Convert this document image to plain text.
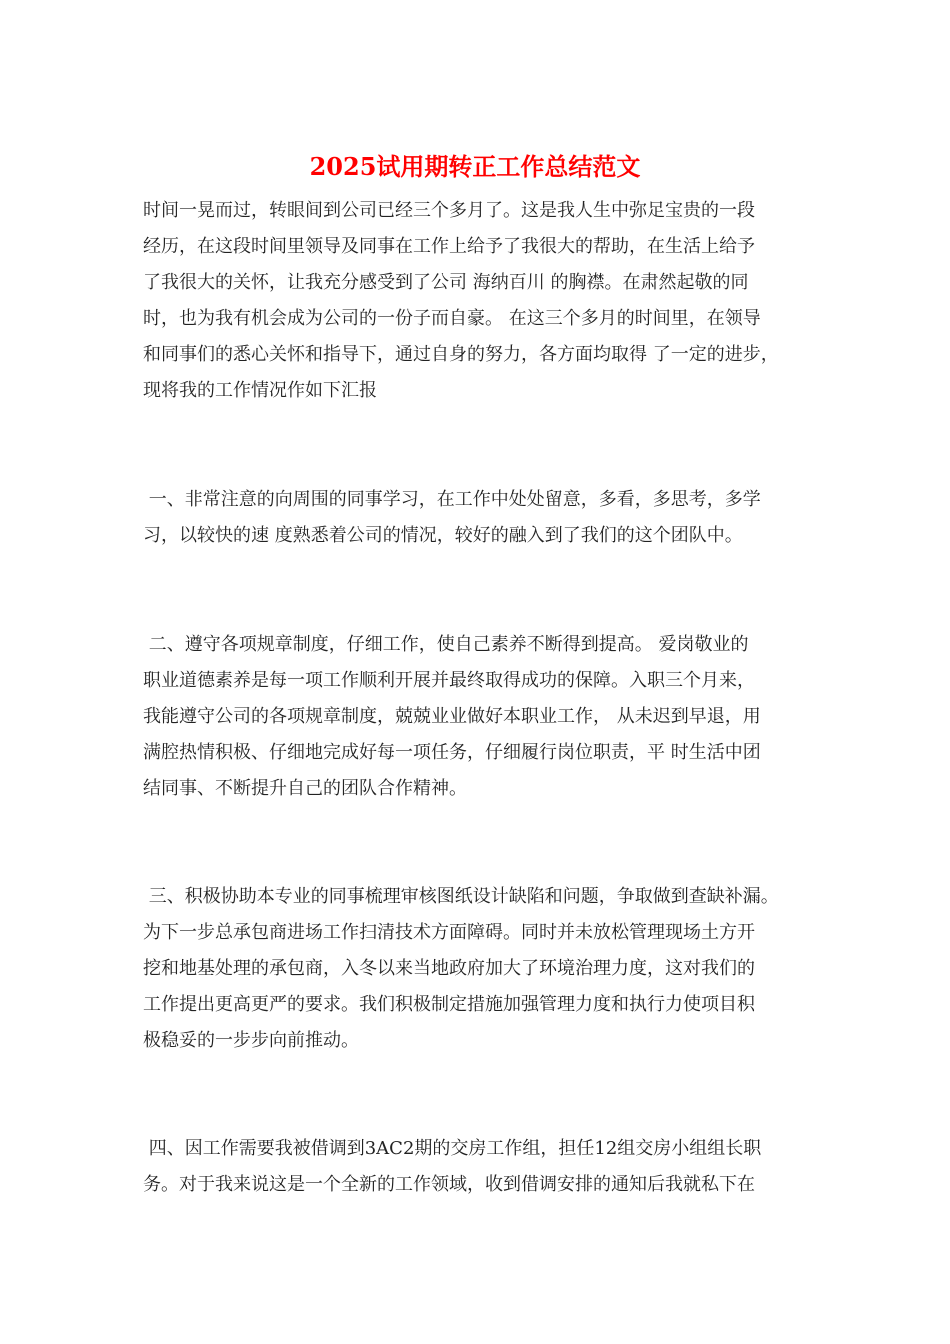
2025试用期转正工作总结范文
时间一晃而过，转眼间到公司已经三个多月了。这是我人生中弥足宝贵的一段
经历，在这段时间里领导及同事在工作上给予了我很大的帮助，在生活上给予
了我很大的关怀，让我充分感受到了公司 海纳百川 的胸襟。在肃然起敬的同
时，也为我有机会成为公司的一份子而自豪。 在这三个多月的时间里，在领导
和同事们的悉心关怀和指导下，通过自身的努力，各方面均取得 了一定的进步，
现将我的工作情况作如下汇报
一、非常注意的向周围的同事学习，在工作中处处留意，多看，多思考，多学
习，以较快的速 度熟悉着公司的情况，较好的融入到了我们的这个团队中。
二、遵守各项规章制度，仔细工作，使自己素养不断得到提高。 爱岗敬业的
职业道德素养是每一项工作顺利开展并最终取得成功的保障。入职三个月来，
我能遵守公司的各项规章制度，兢兢业业做好本职业工作， 从未迟到早退，用
满腔热情积极、仔细地完成好每一项任务，仔细履行岗位职责，平 时生活中团
结同事、不断提升自己的团队合作精神。
三、积极协助本专业的同事梳理审核图纸设计缺陷和问题，争取做到查缺补漏。
为下一步总承包商进场工作扫清技术方面障碍。同时并未放松管理现场土方开
挖和地基处理的承包商，入冬以来当地政府加大了环境治理力度，这对我们的
工作提出更高更严的要求。我们积极制定措施加强管理力度和执行力使项目积
极稳妥的一步步向前推动。
四、因工作需要我被借调到3AC2期的交房工作组，担任12组交房小组组长职
务。对于我来说这是一个全新的工作领域，收到借调安排的通知后我就私下在
